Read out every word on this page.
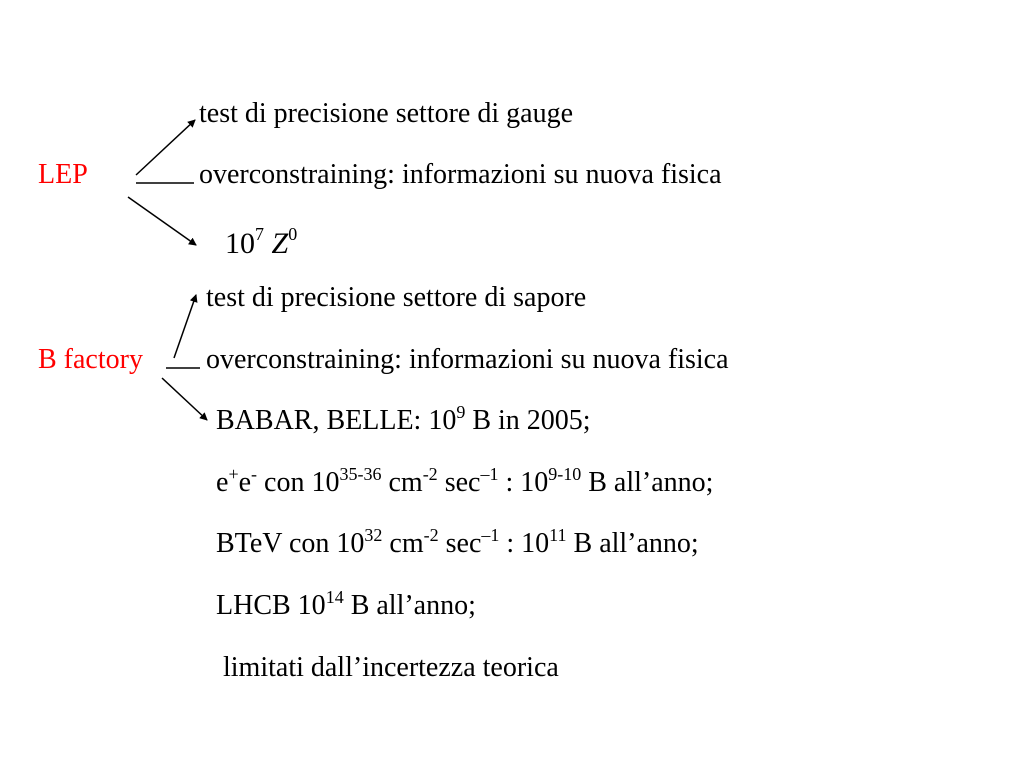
test di precisione settore di gauge
LEP	overconstraining: informazioni su nuova fisica
$10^7$ $Z^0$
test di precisione settore di sapore
B factory overconstraining: informazioni su nuova fisica
BABAR, BELLE: $10^9$ B in 2005;
e+e- con 10$^{35-36}$ $cm^{-2}$ $\sec^{-1}$ : 10$^{9-10}$ B all’anno;
BTeV con $10^{32}$ $cm^{-2}$ $\sec^{-1}$ : $10^{11}$ B all’anno;
LHCB $10^{14}$ B all’anno;
limitati dall’incertezza teorica
